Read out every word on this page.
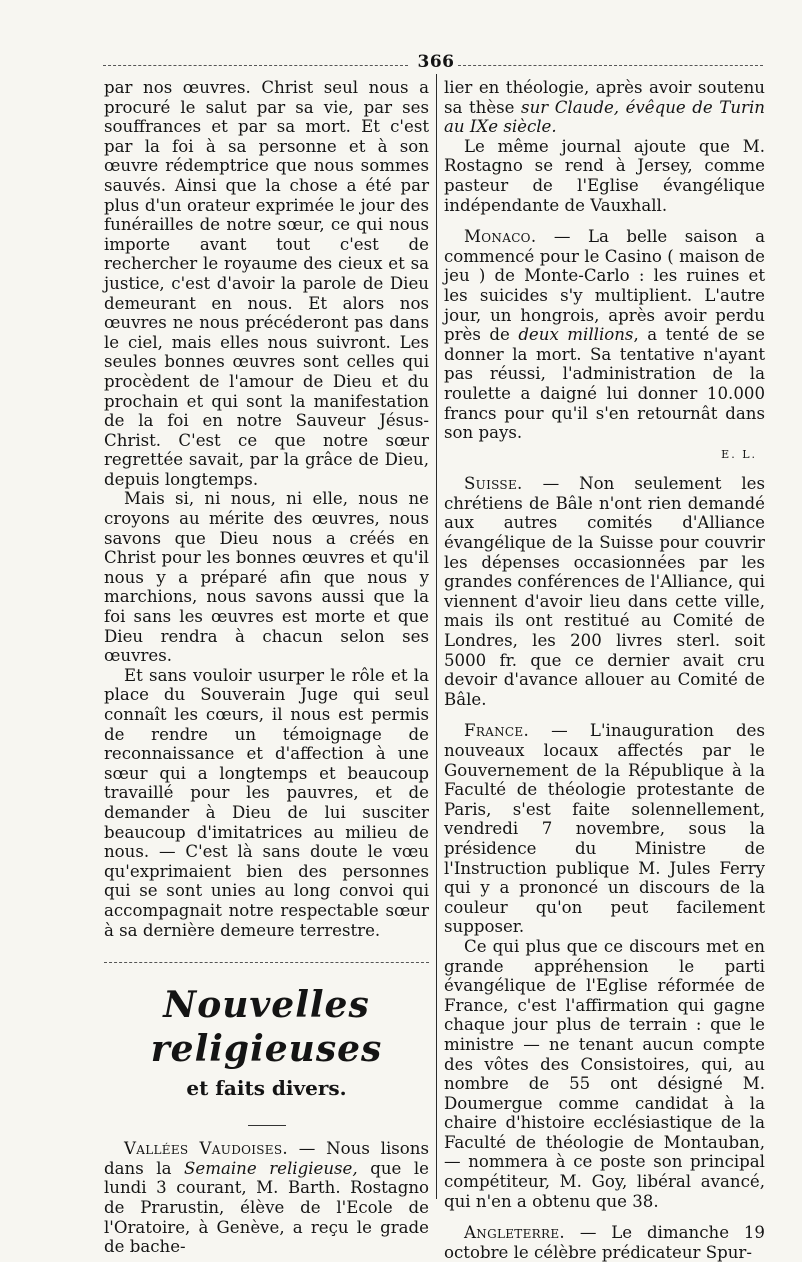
366

par nos œuvres. Christ seul nous a procuré le salut par sa vie, par ses souffrances et par sa mort. Et c'est par la foi à sa personne et à son œuvre rédemptrice que nous sommes sauvés. Ainsi que la chose a été par plus d'un orateur exprimée le jour des funérailles de notre sœur, ce qui nous importe avant tout c'est de rechercher le royaume des cieux et sa justice, c'est d'avoir la parole de Dieu demeurant en nous. Et alors nos œuvres ne nous précéderont pas dans le ciel, mais elles nous suivront. Les seules bonnes œuvres sont celles qui procèdent de l'amour de Dieu et du prochain et qui sont la manifestation de la foi en notre Sauveur Jésus-Christ. C'est ce que notre sœur regrettée savait, par la grâce de Dieu, depuis longtemps.

Mais si, ni nous, ni elle, nous ne croyons au mérite des œuvres, nous savons que Dieu nous a créés en Christ pour les bonnes œuvres et qu'il nous y a préparé afin que nous y marchions, nous savons aussi que la foi sans les œuvres est morte et que Dieu rendra à chacun selon ses œuvres.

Et sans vouloir usurper le rôle et la place du Souverain Juge qui seul connaît les cœurs, il nous est permis de rendre un témoignage de reconnaissance et d'affection à une sœur qui a longtemps et beaucoup travaillé pour les pauvres, et de demander à Dieu de lui susciter beaucoup d'imitatrices au milieu de nous. — C'est là sans doute le vœu qu'exprimaient bien des personnes qui se sont unies au long convoi qui accompagnait notre respectable sœur à sa dernière demeure terrestre.

Nouvelles religieuses
et faits divers.

Vallées Vaudoises. — Nous lisons dans la Semaine religieuse, que le lundi 3 courant, M. Barth. Rostagno de Prarustin, élève de l'Ecole de l'Oratoire, à Genève, a reçu le grade de bache-

lier en théologie, après avoir soutenu sa thèse sur Claude, évêque de Turin au IXe siècle.

Le même journal ajoute que M. Rostagno se rend à Jersey, comme pasteur de l'Eglise évangélique indépendante de Vauxhall.

Monaco. — La belle saison a commencé pour le Casino ( maison de jeu ) de Monte-Carlo : les ruines et les suicides s'y multiplient. L'autre jour, un hongrois, après avoir perdu près de deux millions, a tenté de se donner la mort. Sa tentative n'ayant pas réussi, l'administration de la roulette a daigné lui donner 10.000 francs pour qu'il s'en retournât dans son pays.

E. L.

Suisse. — Non seulement les chrétiens de Bâle n'ont rien demandé aux autres comités d'Alliance évangélique de la Suisse pour couvrir les dépenses occasionnées par les grandes conférences de l'Alliance, qui viennent d'avoir lieu dans cette ville, mais ils ont restitué au Comité de Londres, les 200 livres sterl. soit 5000 fr. que ce dernier avait cru devoir d'avance allouer au Comité de Bâle.

France. — L'inauguration des nouveaux locaux affectés par le Gouvernement de la République à la Faculté de théologie protestante de Paris, s'est faite solennellement, vendredi 7 novembre, sous la présidence du Ministre de l'Instruction publique M. Jules Ferry qui y a prononcé un discours de la couleur qu'on peut facilement supposer.

Ce qui plus que ce discours met en grande appréhension le parti évangélique de l'Eglise réformée de France, c'est l'affirmation qui gagne chaque jour plus de terrain : que le ministre — ne tenant aucun compte des vôtes des Consistoires, qui, au nombre de 55 ont désigné M. Doumergue comme candidat à la chaire d'histoire ecclésiastique de la Faculté de théologie de Montauban, — nommera à ce poste son principal compétiteur, M. Goy, libéral avancé, qui n'en a obtenu que 38.

Angleterre. — Le dimanche 19 octobre le célèbre prédicateur Spur-
